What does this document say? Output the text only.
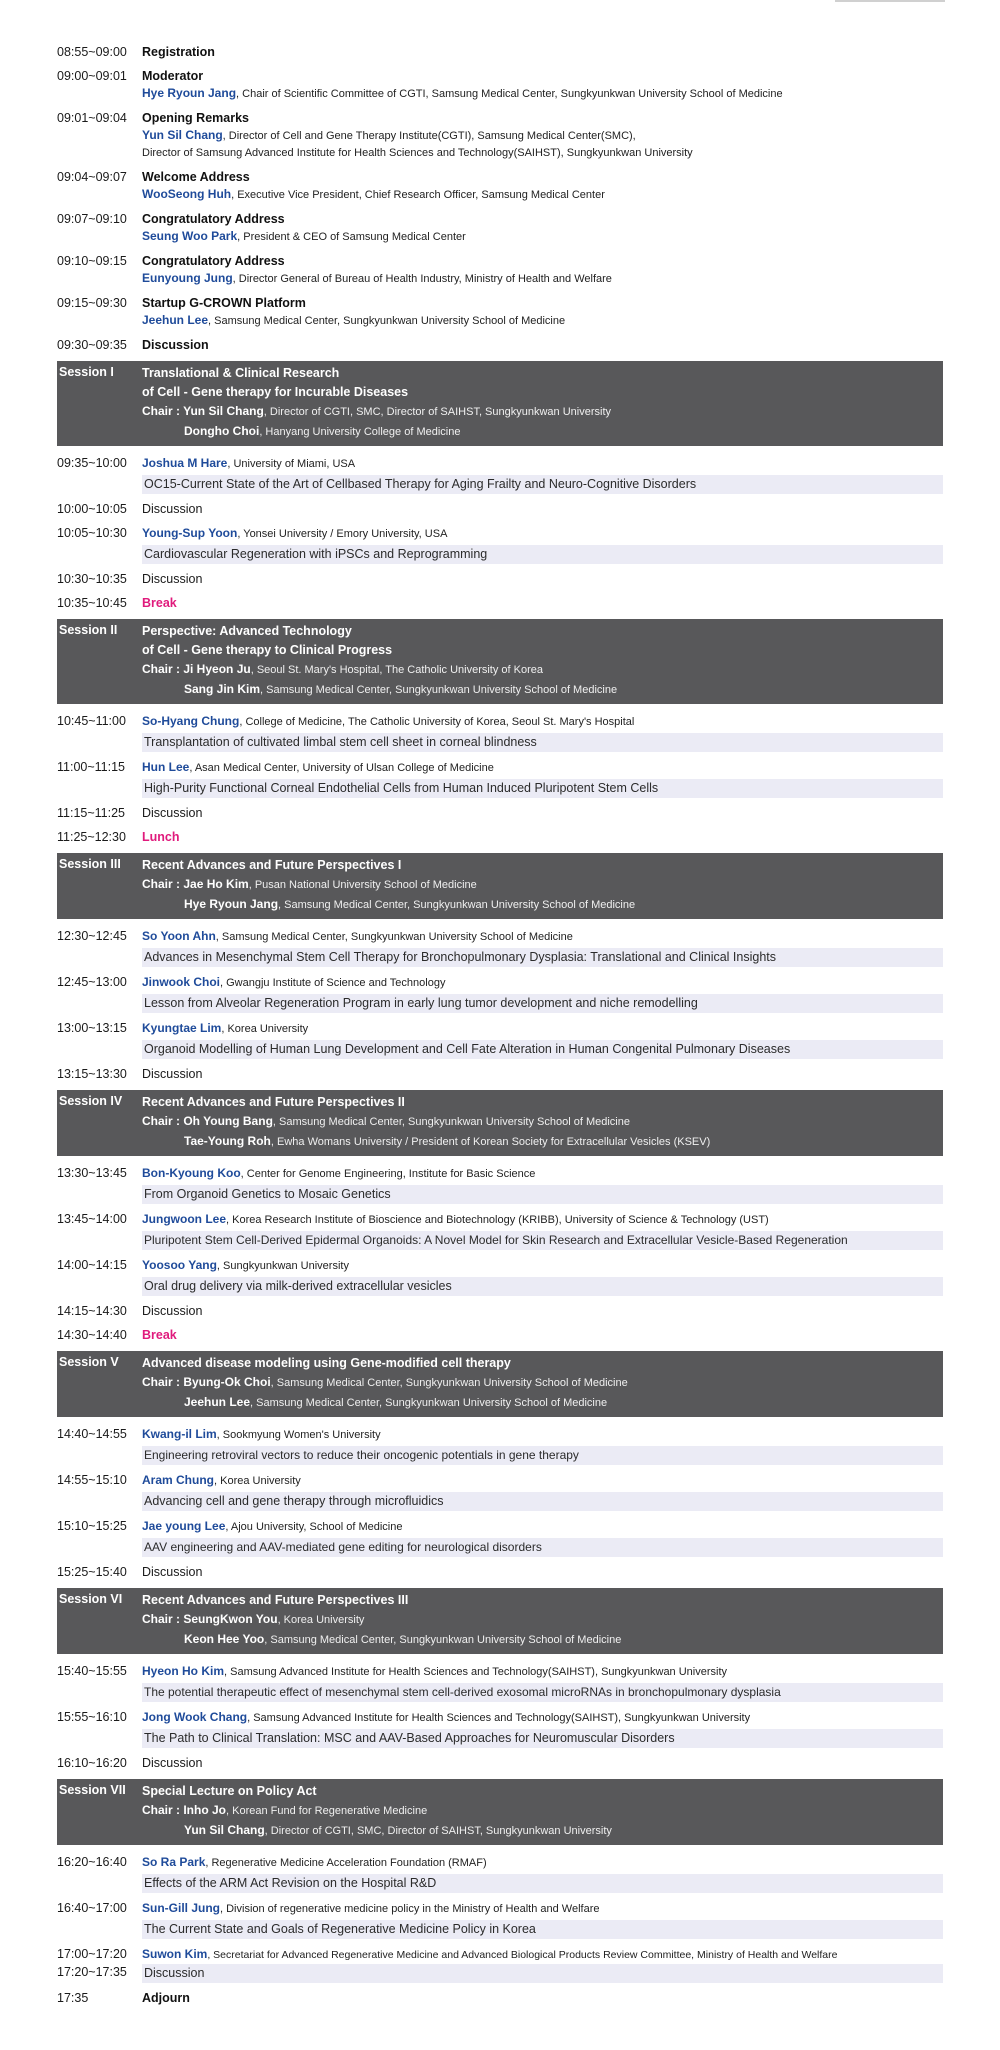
08:55~09:00	Registration
09:00~09:01	Moderator
Hye Ryoun Jang, Chair of Scientific Committee of CGTI, Samsung Medical Center, Sungkyunkwan University School of Medicine
09:01~09:04	Opening Remarks
Yun Sil Chang, Director of Cell and Gene Therapy Institute(CGTI), Samsung Medical Center(SMC),
Director of Samsung Advanced Institute for Health Sciences and Technology(SAIHST), Sungkyunkwan University
09:04~09:07	Welcome Address
WooSeong Huh, Executive Vice President, Chief Research Officer, Samsung Medical Center
09:07~09:10	Congratulatory Address
Seung Woo Park, President & CEO of Samsung Medical Center
09:10~09:15	Congratulatory Address
Eunyoung Jung, Director General of Bureau of Health Industry, Ministry of Health and Welfare
09:15~09:30	Startup G-CROWN Platform
Jeehun Lee, Samsung Medical Center, Sungkyunkwan University School of Medicine
09:30~09:35	Discussion
Session I	Translational & Clinical Research
of Cell - Gene therapy for Incurable Diseases
Chair : Yun Sil Chang, Director of CGTI, SMC, Director of SAIHST, Sungkyunkwan University
Dongho Choi, Hanyang University College of Medicine
09:35~10:00	Joshua M Hare, University of Miami, USA
OC15-Current State of the Art of Cellbased Therapy for Aging Frailty and Neuro-Cognitive Disorders
10:00~10:05	Discussion
10:05~10:30	Young-Sup Yoon, Yonsei University / Emory University, USA
Cardiovascular Regeneration with iPSCs and Reprogramming
10:30~10:35	Discussion
10:35~10:45	Break
Session II	Perspective: Advanced Technology
of Cell - Gene therapy to Clinical Progress
Chair : Ji Hyeon Ju, Seoul St. Mary's Hospital, The Catholic University of Korea
Sang Jin Kim, Samsung Medical Center, Sungkyunkwan University School of Medicine
10:45~11:00	So-Hyang Chung, College of Medicine, The Catholic University of Korea, Seoul St. Mary's Hospital
Transplantation of cultivated limbal stem cell sheet in corneal blindness
11:00~11:15	Hun Lee, Asan Medical Center, University of Ulsan College of Medicine
High-Purity Functional Corneal Endothelial Cells from Human Induced Pluripotent Stem Cells
11:15~11:25	Discussion
11:25~12:30	Lunch
Session III	Recent Advances and Future Perspectives I
Chair : Jae Ho Kim, Pusan National University School of Medicine
Hye Ryoun Jang, Samsung Medical Center, Sungkyunkwan University School of Medicine
12:30~12:45	So Yoon Ahn, Samsung Medical Center, Sungkyunkwan University School of Medicine
Advances in Mesenchymal Stem Cell Therapy for Bronchopulmonary Dysplasia: Translational and Clinical Insights
12:45~13:00	Jinwook Choi, Gwangju Institute of Science and Technology
Lesson from Alveolar Regeneration Program in early lung tumor development and niche remodelling
13:00~13:15	Kyungtae Lim, Korea University
Organoid Modelling of Human Lung Development and Cell Fate Alteration in Human Congenital Pulmonary Diseases
13:15~13:30	Discussion
Session IV	Recent Advances and Future Perspectives II
Chair : Oh Young Bang, Samsung Medical Center, Sungkyunkwan University School of Medicine
Tae-Young Roh, Ewha Womans University / President of Korean Society for Extracellular Vesicles (KSEV)
13:30~13:45	Bon-Kyoung Koo, Center for Genome Engineering, Institute for Basic Science
From Organoid Genetics to Mosaic Genetics
13:45~14:00	Jungwoon Lee, Korea Research Institute of Bioscience and Biotechnology (KRIBB), University of Science & Technology (UST)
Pluripotent Stem Cell-Derived Epidermal Organoids: A Novel Model for Skin Research and Extracellular Vesicle-Based Regeneration
14:00~14:15	Yoosoo Yang, Sungkyunkwan University
Oral drug delivery via milk-derived extracellular vesicles
14:15~14:30	Discussion
14:30~14:40	Break
Session V	Advanced disease modeling using Gene-modified cell therapy
Chair : Byung-Ok Choi, Samsung Medical Center, Sungkyunkwan University School of Medicine
Jeehun Lee, Samsung Medical Center, Sungkyunkwan University School of Medicine
14:40~14:55	Kwang-il Lim, Sookmyung Women's University
Engineering retroviral vectors to reduce their oncogenic potentials in gene therapy
14:55~15:10	Aram Chung, Korea University
Advancing cell and gene therapy through microfluidics
15:10~15:25	Jae young Lee, Ajou University, School of Medicine
AAV engineering and AAV-mediated gene editing for neurological disorders
15:25~15:40	Discussion
Session VI	Recent Advances and Future Perspectives III
Chair : SeungKwon You, Korea University
Keon Hee Yoo, Samsung Medical Center, Sungkyunkwan University School of Medicine
15:40~15:55	Hyeon Ho Kim, Samsung Advanced Institute for Health Sciences and Technology(SAIHST), Sungkyunkwan University
The potential therapeutic effect of mesenchymal stem cell-derived exosomal microRNAs in bronchopulmonary dysplasia
15:55~16:10	Jong Wook Chang, Samsung Advanced Institute for Health Sciences and Technology(SAIHST), Sungkyunkwan University
The Path to Clinical Translation: MSC and AAV-Based Approaches for Neuromuscular Disorders
16:10~16:20	Discussion
Session VII	Special Lecture on Policy Act
Chair : Inho Jo, Korean Fund for Regenerative Medicine
Yun Sil Chang, Director of CGTI, SMC, Director of SAIHST, Sungkyunkwan University
16:20~16:40	So Ra Park, Regenerative Medicine Acceleration Foundation (RMAF)
Effects of the ARM Act Revision on the Hospital R&D
16:40~17:00	Sun-Gill Jung, Division of regenerative medicine policy in the Ministry of Health and Welfare
The Current State and Goals of Regenerative Medicine Policy in Korea
17:00~17:20	Suwon Kim, Secretariat for Advanced Regenerative Medicine and Advanced Biological Products Review Committee, Ministry of Health and Welfare
17:20~17:35	Discussion
17:35	Adjourn
